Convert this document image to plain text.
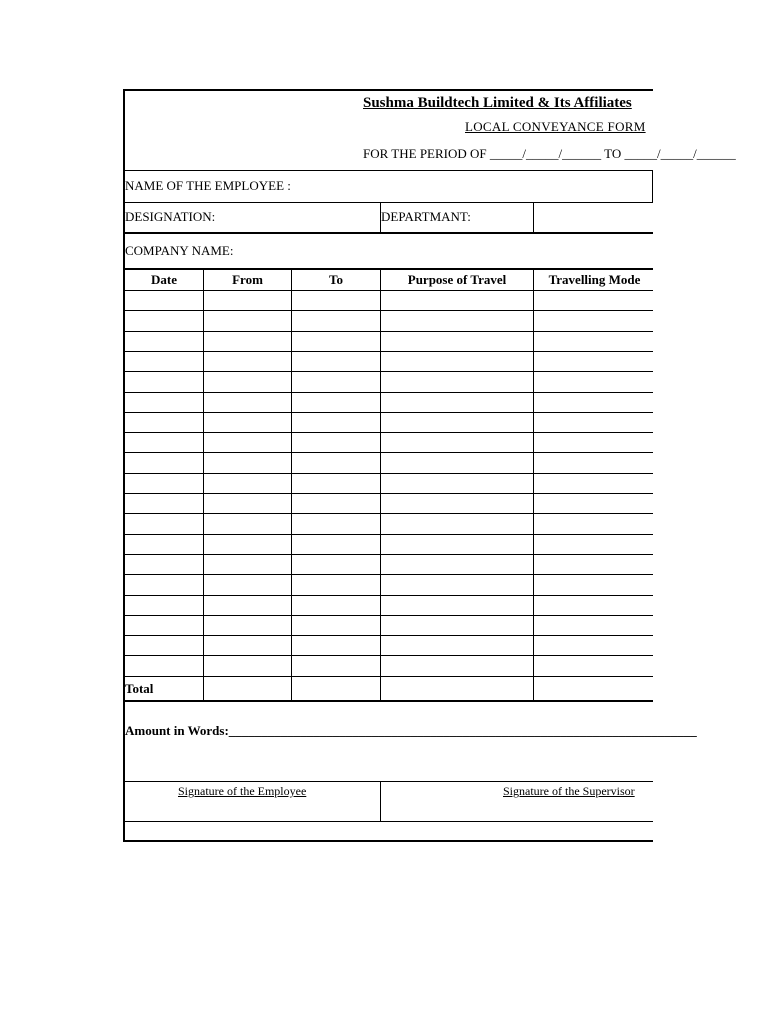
Sushma Buildtech Limited & Its Affiliates
LOCAL CONVEYANCE FORM
FOR THE PERIOD OF _____/_____/______ TO _____/_____/______
NAME OF THE EMPLOYEE :
DESIGNATION:	DEPARTMANT:
COMPANY NAME:
Date	From	To	Purpose of Travel	Travelling Mode
Total
Amount in Words:________________________________________________________________________
Signature of the Employee	Signature of the Supervisor
